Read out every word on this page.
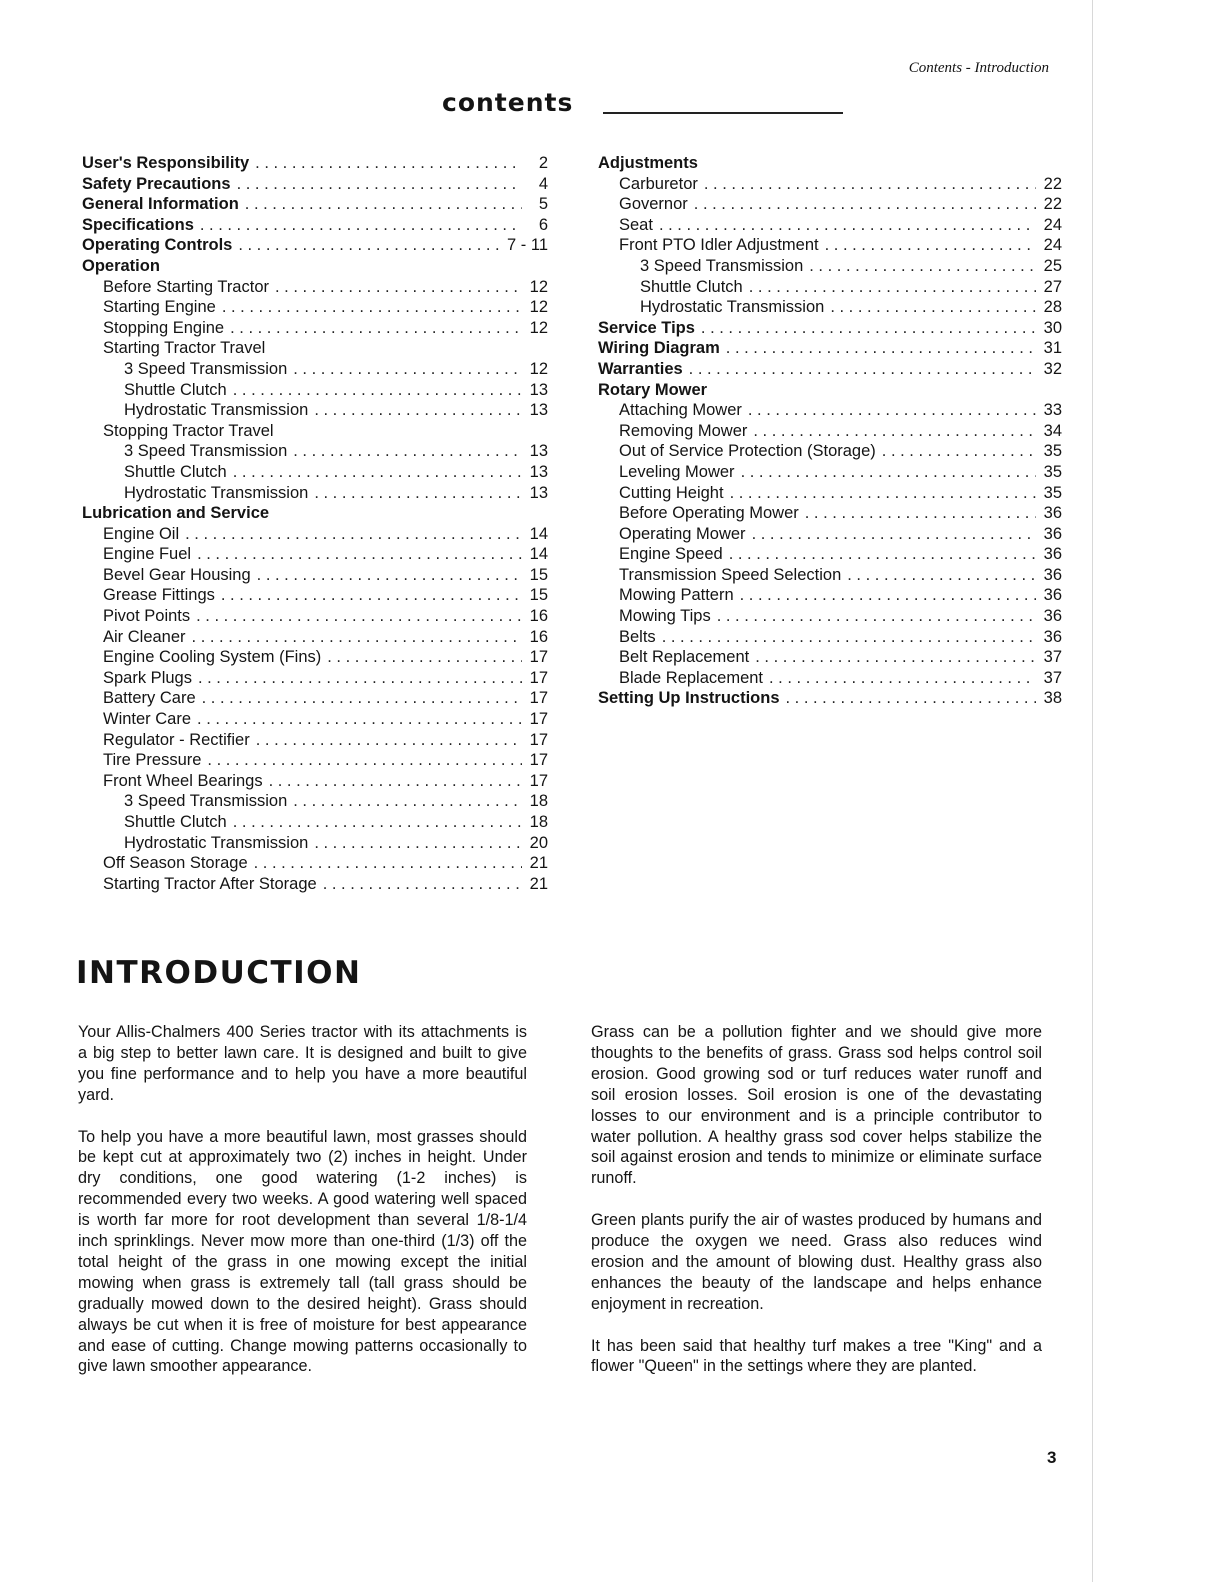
Contents - Introduction
contents
User's Responsibility . . .	2
Safety Precautions . . .	4
General Information . . .	5
Specifications . . .	6
Operating Controls . . .	7 - 11
Operation
Before Starting Tractor . . .	12
Starting Engine . . .	12
Stopping Engine . . .	12
Starting Tractor Travel
3 Speed Transmission . . .	12
Shuttle Clutch . . .	13
Hydrostatic Transmission . . .	13
Stopping Tractor Travel
3 Speed Transmission . . .	13
Shuttle Clutch . . .	13
Hydrostatic Transmission . . .	13
Lubrication and Service
Engine Oil . . .	14
Engine Fuel . . .	14
Bevel Gear Housing . . .	15
Grease Fittings . . .	15
Pivot Points . . .	16
Air Cleaner . . .	16
Engine Cooling System (Fins) . . .	17
Spark Plugs . . .	17
Battery Care . . .	17
Winter Care . . .	17
Regulator - Rectifier . . .	17
Tire Pressure . . .	17
Front Wheel Bearings . . .	17
3 Speed Transmission . . .	18
Shuttle Clutch . . .	18
Hydrostatic Transmission . . .	20
Off Season Storage . . .	21
Starting Tractor After Storage . . .	21
Adjustments
Carburetor . . .	22
Governor . . .	22
Seat . . .	24
Front PTO Idler Adjustment . . .	24
3 Speed Transmission . . .	25
Shuttle Clutch . . .	27
Hydrostatic Transmission . . .	28
Service Tips . . .	30
Wiring Diagram . . .	31
Warranties . . .	32
Rotary Mower
Attaching Mower . . .	33
Removing Mower . . .	34
Out of Service Protection (Storage) . . .	35
Leveling Mower . . .	35
Cutting Height . . .	35
Before Operating Mower . . .	36
Operating Mower . . .	36
Engine Speed . . .	36
Transmission Speed Selection . . .	36
Mowing Pattern . . .	36
Mowing Tips . . .	36
Belts . . .	36
Belt Replacement . . .	37
Blade Replacement . . .	37
Setting Up Instructions . . .	38
INTRODUCTION

Your Allis-Chalmers 400 Series tractor with its attachments is a big step to better lawn care. It is designed and built to give you fine performance and to help you have a more beautiful yard.

To help you have a more beautiful lawn, most grasses should be kept cut at approximately two (2) inches in height. Under dry conditions, one good watering (1-2 inches) is recommended every two weeks. A good watering well spaced is worth far more for root development than several 1/8-1/4 inch sprinklings. Never mow more than one-third (1/3) off the total height of the grass in one mowing except the initial mowing when grass is extremely tall (tall grass should be gradually mowed down to the desired height). Grass should always be cut when it is free of moisture for best appearance and ease of cutting. Change mowing patterns occasionally to give lawn smoother appearance.

Grass can be a pollution fighter and we should give more thoughts to the benefits of grass. Grass sod helps control soil erosion. Good growing sod or turf reduces water runoff and soil erosion losses. Soil erosion is one of the devastating losses to our environment and is a principle contributor to water pollution. A healthy grass sod cover helps stabilize the soil against erosion and tends to minimize or eliminate surface runoff.

Green plants purify the air of wastes produced by humans and produce the oxygen we need. Grass also reduces wind erosion and the amount of blowing dust. Healthy grass also enhances the beauty of the landscape and helps enhance enjoyment in recreation.

It has been said that healthy turf makes a tree "King" and a flower "Queen" in the settings where they are planted.

3
